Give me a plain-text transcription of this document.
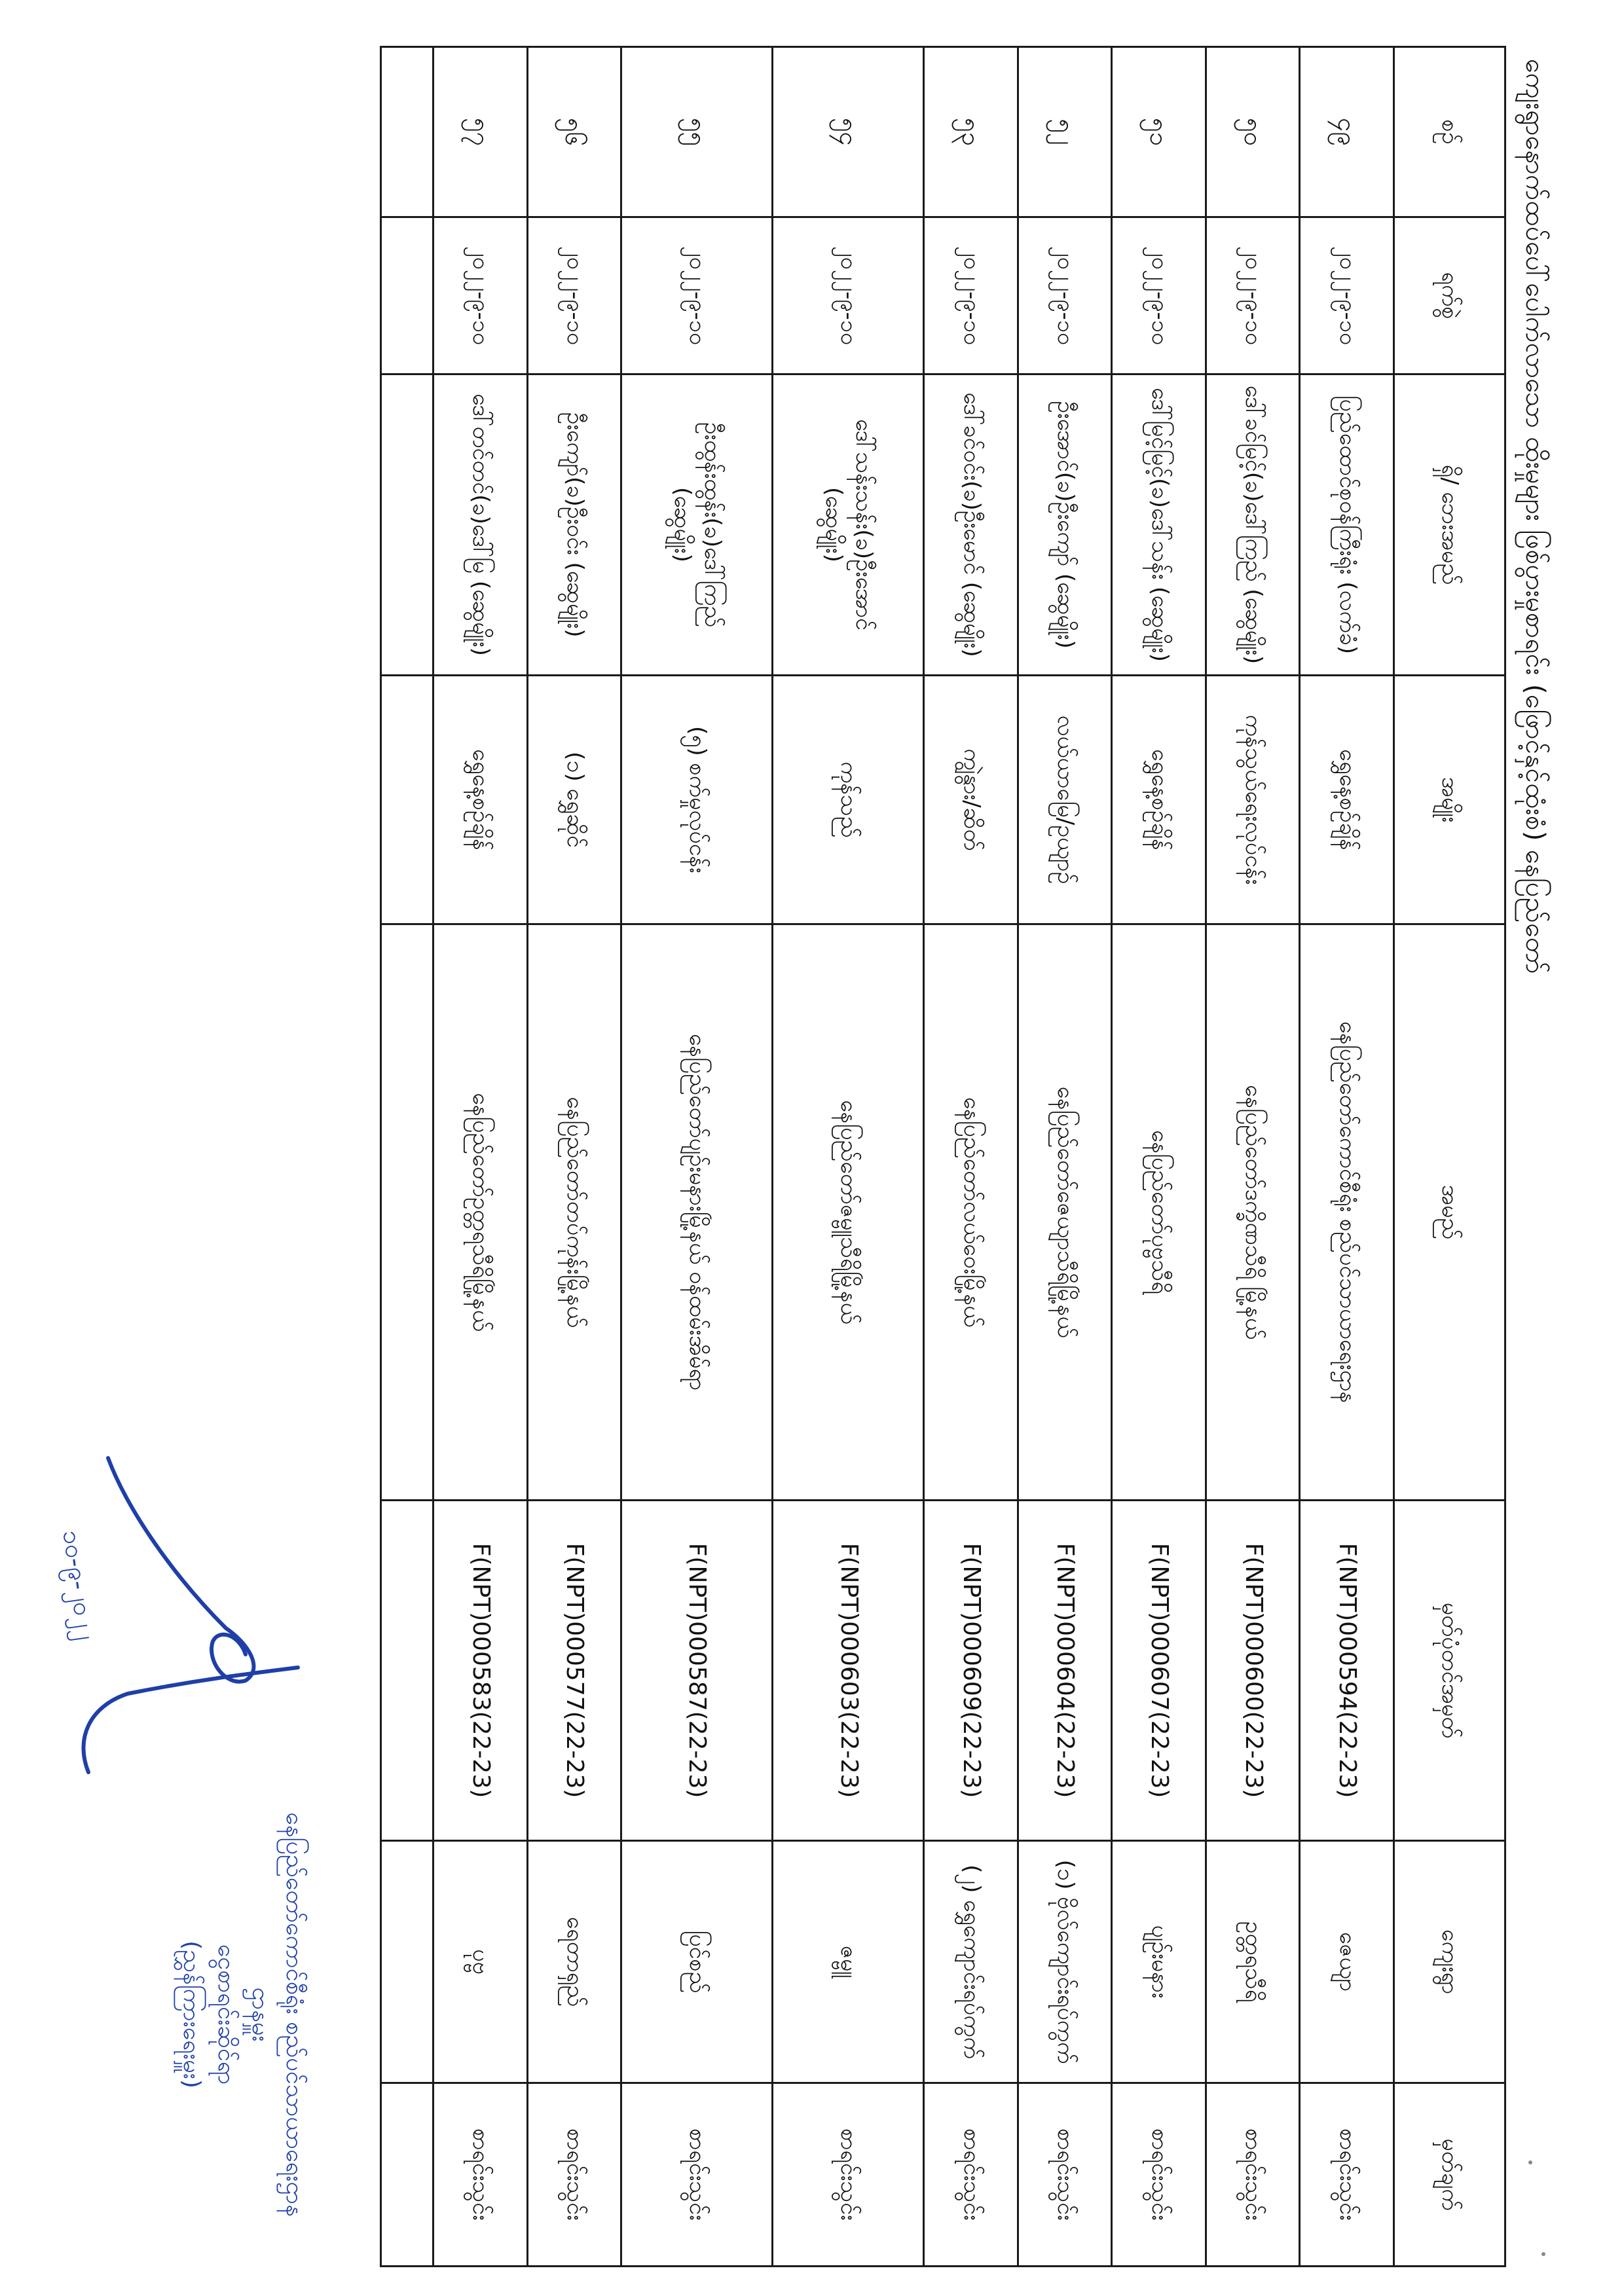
ကျေးရွာနောက်ထပ်ပေါ်ပေါက်လာသော ထိုးမှုများ ဖြစ်ပွားမှုစာရင်း (ဖြောင့်နှင့်ထုံးစံ) နေပြည်တော်
စဉ်	ရက်စွဲ	ရှိ/ ဘေးအမည်	အမျိုး	အမည်	မှတ်ပုံတင်အမှတ်	ကျေးရွာ	မှတ်ချက်
၄၉	၂၀၂၂-၉-၁၀	ပြည်ထောင်စုဝန်ကြီးရုံး (လက်ခံ)	ရွှေနေ့စဉ်ချိန်	နေပြည်တော်ကောင်စီရုံး စည်ပင်သာယာရေးဌာန	F(NPT)000594(22-23)	ဇေယျာ	စာရင်းသွင်း
၅၀	၂၀၂၂-၉-၁၀	ဒေါ်ခင်မြင့်(ခ)ဒေါ်ကြည် (ဆွေမျိုး)	ကုန်သွယ်ရေးလုပ်ငန်း	နေပြည်တော်ဒက္ခိဏသီရိ မြို့နယ်	F(NPT)000600(22-23)	ဥတ္တရသီရိ	စာရင်းသွင်း
၅၁	၂၀၂၂-၉-၁၀	ဒေါ်မြင့်မြင့်(ခ)ဒေါ်သန်း (ဆွေမျိုး)	ရွှေနေ့စဉ်ချိန်	နေပြည်တော်ပုဗ္ဗသီရိ	F(NPT)000607(22-23)	ပျဉ်းမနား	စာရင်းသွင်း
၅၂	၂၀၂၂-၉-၁၀	ဦးအောင်(ခ)ဦးကျော် (ဆွေမျိုး)	လယ်ယာမြေ/ဥယျာဉ်	နေပြည်တော်ဇေယျာသီရိမြို့နယ်	F(NPT)000604(22-23)	(၁) ဗိုလ်ကျောင်းရပ်ကွက်	စာရင်းသွင်း
၅၃	၂၀၂၂-၉-၁၀	ဒေါ်ခင်ဝင်း(ခ)ဦးမောင် (ဆွေမျိုး)	ကျွဲနွား/ဆိတ်	နေပြည်တော်လယ်ဝေးမြို့နယ်	F(NPT)000609(22-23)	(၂) ရွှေကျောင်းရပ်ကွက်	စာရင်းသွင်း
၅၄	၂၀၂၂-၉-၁၀	ဒေါ်သန်းသန်း(ခ)ဦးအောင် (ဆွေမျိုး)	ကုန်သည်	နေပြည်တော်ဇမ္ဗူသီရိမြို့နယ်	F(NPT)000603(22-23)	ဇမ္ဗူ	စာရင်းသွင်း
၅၅	၂၀၂၂-၉-၁၀	ဦးထွန်းထွန်း(ခ)ဒေါ်ကြည် (ဆွေမျိုး)	(၅) စက်မှုလုပ်ငန်း	နေပြည်တော်ပျဉ်းမနားမြို့နယ် ဝန်ထမ်းအိမ်ရာ	F(NPT)000587(22-23)	ပြင်စည်	စာရင်းသွင်း
၅၆	၂၀၂၂-၉-၁၀	ဦးကျော်(ခ)ဦးဝင်း (ဆွေမျိုး)	(၁) ရွှေဆိုင်	နေပြည်တော်တပ်ကုန်းမြို့နယ်	F(NPT)000577(22-23)	ရေတာရှည်	စာရင်းသွင်း
၅၇	၂၀၂၂-၉-၁၀	ဒေါ်တင်တင်(ခ)ဒေါ်မြ (ဆွေမျိုး)	ရွှေနေ့စဉ်ချိန်	နေပြည်တော်ဥတ္တရသီရိမြို့နယ်	F(NPT)000583(22-23)	ပုဗ္ဗ	စာရင်းသွင်း

၁၀-၉-၂၀၂၂
နေပြည်တော်ကောင်စီရုံး စည်ပင်သာယာရေးဌာန
ဌာနမှူး
ငွေစာရင်းဆိုင်ရာ
(ညွှန်ကြားရေးမှူး)
